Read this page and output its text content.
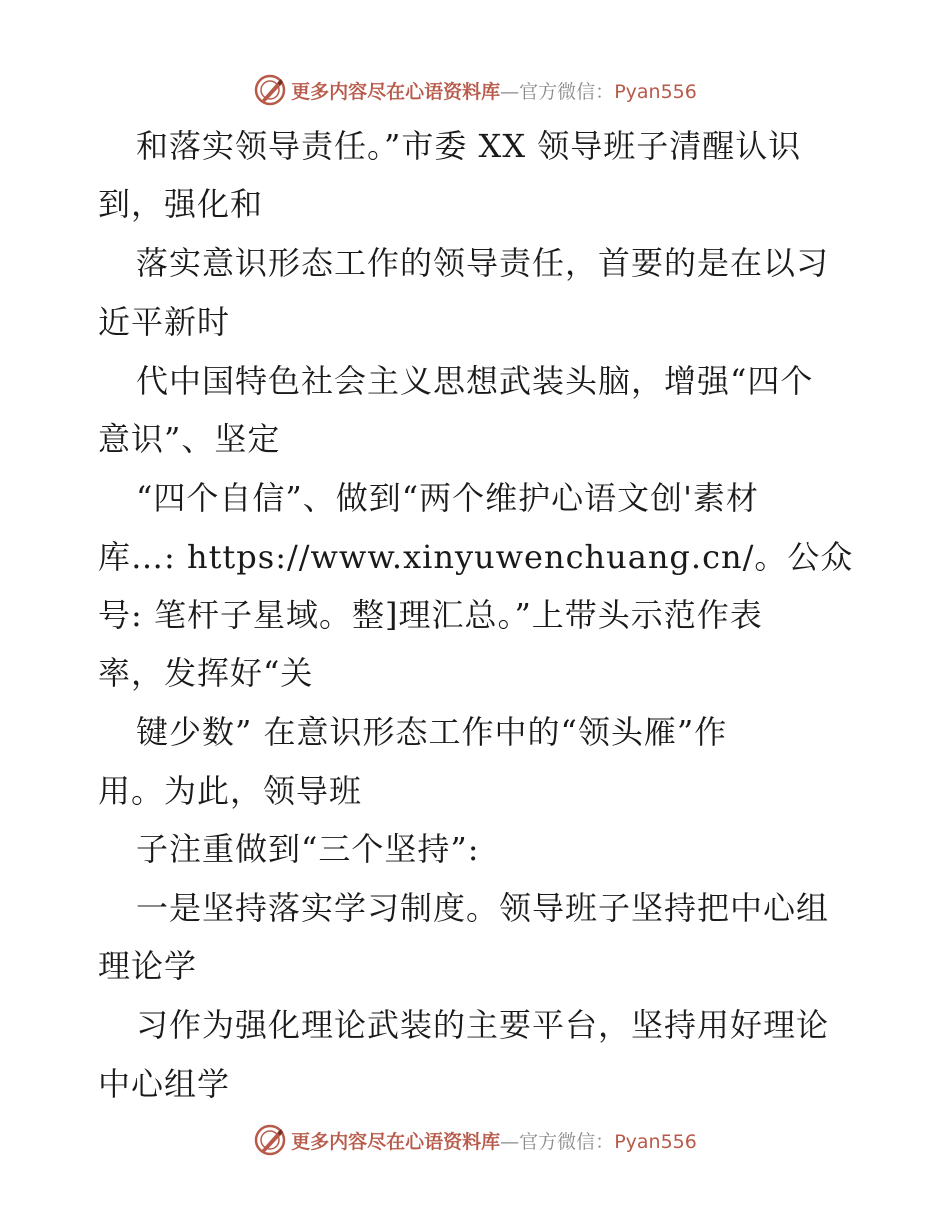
更多内容尽在心语资料库—官方微信：Pyan556
和落实领导责任。”市委 XX 领导班子清醒认识
到，强化和
落实意识形态工作的领导责任，首要的是在以习
近平新时
代中国特色社会主义思想武装头脑，增强“四个
意识”、坚定
“四个自信”、做到“两个维护心语文创'素材
库…: https://www.xinyuwenchuang.cn/。公众
号: 笔杆子星域。整]理汇总。”上带头示范作表
率，发挥好“关
键少数” 在意识形态工作中的“领头雁”作
用。为此，领导班
子注重做到“三个坚持”:
一是坚持落实学习制度。领导班子坚持把中心组
理论学
习作为强化理论武装的主要平台，坚持用好理论
中心组学
更多内容尽在心语资料库—官方微信：Pyan556
